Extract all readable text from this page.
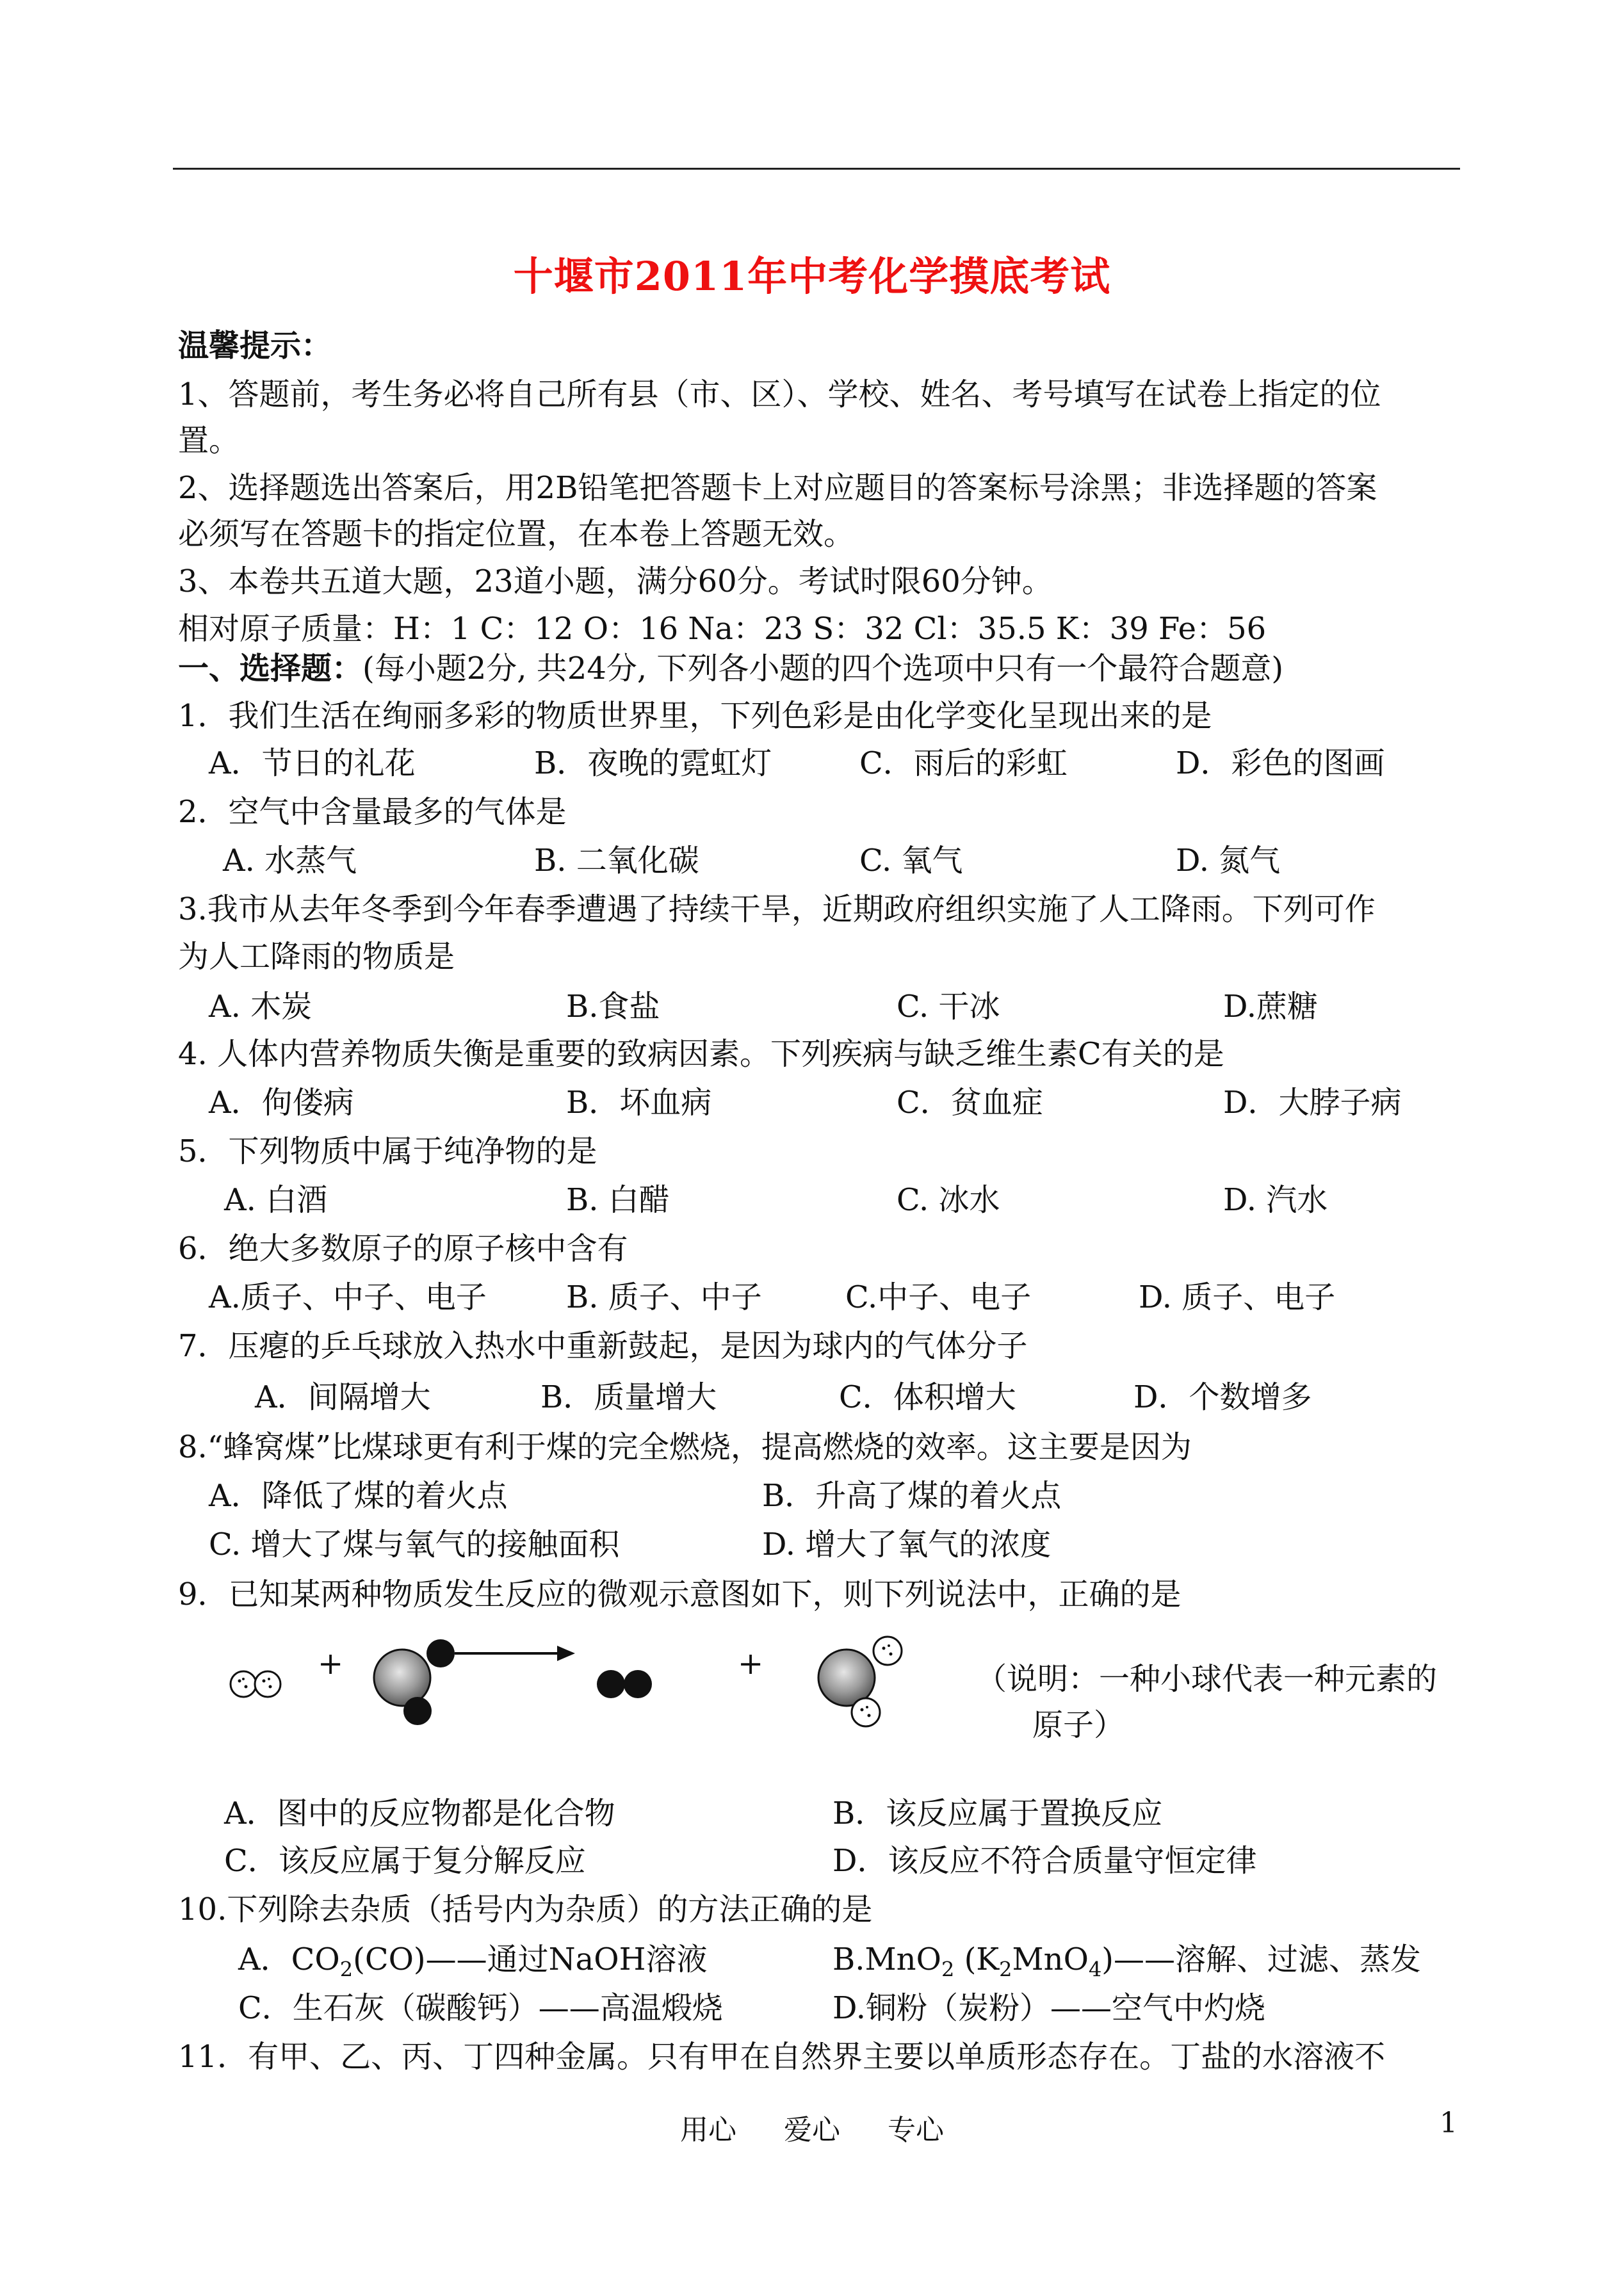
十堰市2011年中考化学摸底考试
温馨提示：
1、答题前，考生务必将自己所有县（市、区）、学校、姓名、考号填写在试卷上指定的位
置。
2、选择题选出答案后，用2B铅笔把答题卡上对应题目的答案标号涂黑；非选择题的答案
必须写在答题卡的指定位置，在本卷上答题无效。
3、本卷共五道大题，23道小题，满分60分。考试时限60分钟。
相对原子质量：H：1 C：12 O：16 Na：23 S：32 Cl：35.5 K：39 Fe：56
一、选择题：(每小题2分, 共24分, 下列各小题的四个选项中只有一个最符合题意)
1．我们生活在绚丽多彩的物质世界里，下列色彩是由化学变化呈现出来的是
A．节日的礼花	B．夜晚的霓虹灯	C．雨后的彩虹	D．彩色的图画
2．空气中含量最多的气体是
A. 水蒸气	B. 二氧化碳	C. 氧气	D. 氮气
3.我市从去年冬季到今年春季遭遇了持续干旱，近期政府组织实施了人工降雨。下列可作
为人工降雨的物质是
A. 木炭	B.食盐	C. 干冰	D.蔗糖
4. 人体内营养物质失衡是重要的致病因素。下列疾病与缺乏维生素C有关的是
A．佝偻病	B．坏血病	C．贫血症	D．大脖子病
5．下列物质中属于纯净物的是
A. 白酒	B. 白醋	C. 冰水	D. 汽水
6．绝大多数原子的原子核中含有
A.质子、中子、电子	B. 质子、中子	C.中子、电子	D. 质子、电子
7．压瘪的乒乓球放入热水中重新鼓起，是因为球内的气体分子
A．间隔增大	B．质量增大	C．体积增大	D．个数增多
8.“蜂窝煤”比煤球更有利于煤的完全燃烧，提高燃烧的效率。这主要是因为
A．降低了煤的着火点	B．升高了煤的着火点
C. 增大了煤与氧气的接触面积	D. 增大了氧气的浓度
9．已知某两种物质发生反应的微观示意图如下，则下列说法中，正确的是
+	+	（说明：一种小球代表一种元素的
原子）
A．图中的反应物都是化合物	B．该反应属于置换反应
C．该反应属于复分解反应	D．该反应不符合质量守恒定律
10.下列除去杂质（括号内为杂质）的方法正确的是
A．$CO_2(CO)——$通过NaOH溶液	B.MnO$_2$ $(K_2MnO_4)——$溶解、过滤、蒸发
C．生石灰（碳酸钙）——高温煅烧	D.铜粉（炭粉）——空气中灼烧
11．有甲、乙、丙、丁四种金属。只有甲在自然界主要以单质形态存在。丁盐的水溶液不
用心 爱心 专心	1
